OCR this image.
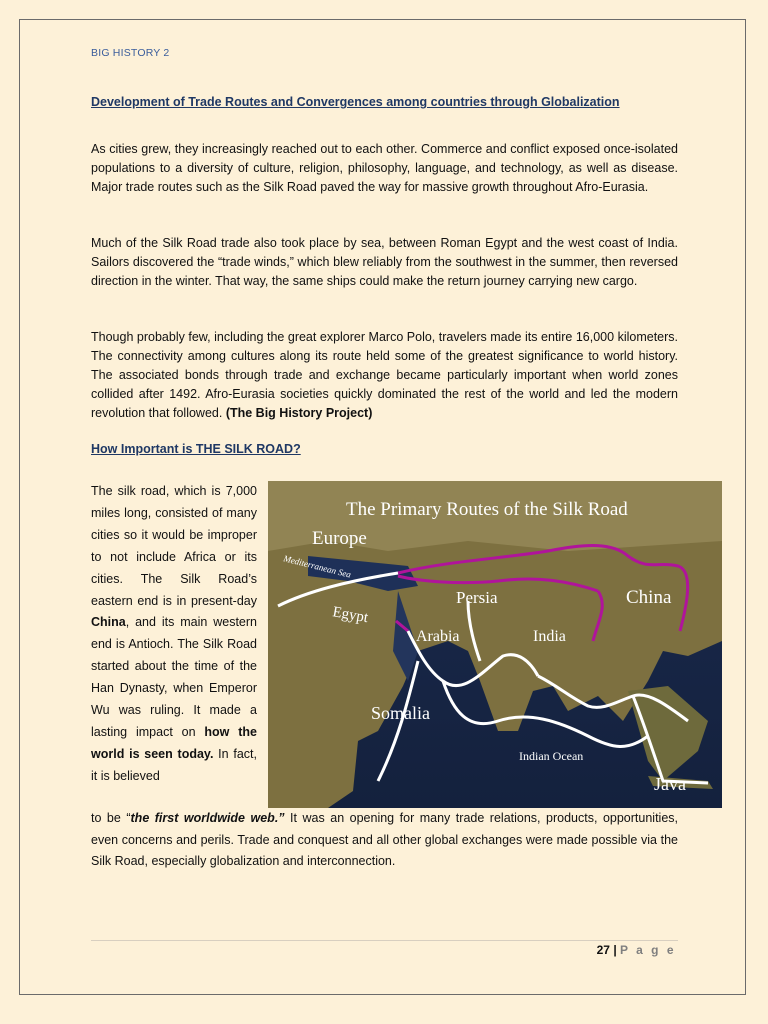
BIG HISTORY 2
Development of Trade Routes and Convergences among countries through Globalization

As cities grew, they increasingly reached out to each other. Commerce and conflict exposed once-isolated populations to a diversity of culture, religion, philosophy, language, and technology, as well as disease. Major trade routes such as the Silk Road paved the way for massive growth throughout Afro-Eurasia.

Much of the Silk Road trade also took place by sea, between Roman Egypt and the west coast of India. Sailors discovered the “trade winds,” which blew reliably from the southwest in the summer, then reversed direction in the winter. That way, the same ships could make the return journey carrying new cargo.

Though probably few, including the great explorer Marco Polo, travelers made its entire 16,000 kilometers. The connectivity among cultures along its route held some of the greatest significance to world history. The associated bonds through trade and exchange became particularly important when world zones collided after 1492. Afro-Eurasia societies quickly dominated the rest of the world and led the modern revolution that followed. (The Big History Project)

How Important is THE SILK ROAD?

The silk road, which is 7,000 miles long, consisted of many cities so it would be improper to not include Africa or its cities. The Silk Road’s eastern end is in present-day China, and its main western end is Antioch. The Silk Road started about the time of the Han Dynasty, when Emperor Wu was ruling. It made a lasting impact on how the world is seen today. In fact, it is believed

to be “the first worldwide web.” It was an opening for many trade relations, products, opportunities, even concerns and perils. Trade and conquest and all other global exchanges were made possible via the Silk Road, especially globalization and interconnection.

The Primary Routes of the Silk Road
Europe
Mediterranean Sea
Persia	China
Egypt
Arabia	India
Somalia
Indian Ocean
Java
27 | P a g e
